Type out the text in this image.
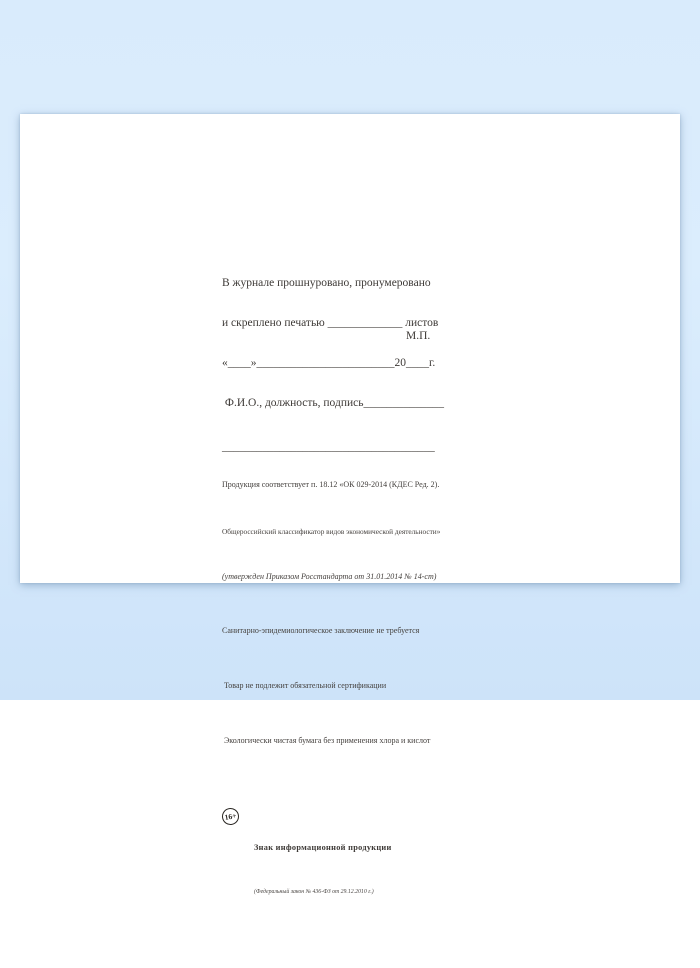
В журнале прошнуровано, пронумеровано

и скреплено печатью _____________ листов

«____»________________________20____г.

Ф.И.О., должность, подпись______________

_____________________________________

М.П.

Продукция соответствует п. 18.12 «ОК 029-2014 (КДЕС Ред. 2).

Общероссийский классификатор видов экономической деятельности»

(утвержден Приказом Росстандарта от 31.01.2014 № 14-ст)

Санитарно-эпидемиологическое заключение не требуется

Товар не подлежит обязательной сертификации

Экологически чистая бумага без применения хлора и кислот

16+

Знак информационной продукции

(Федеральный закон № 436-ФЗ от 29.12.2010 г.)
